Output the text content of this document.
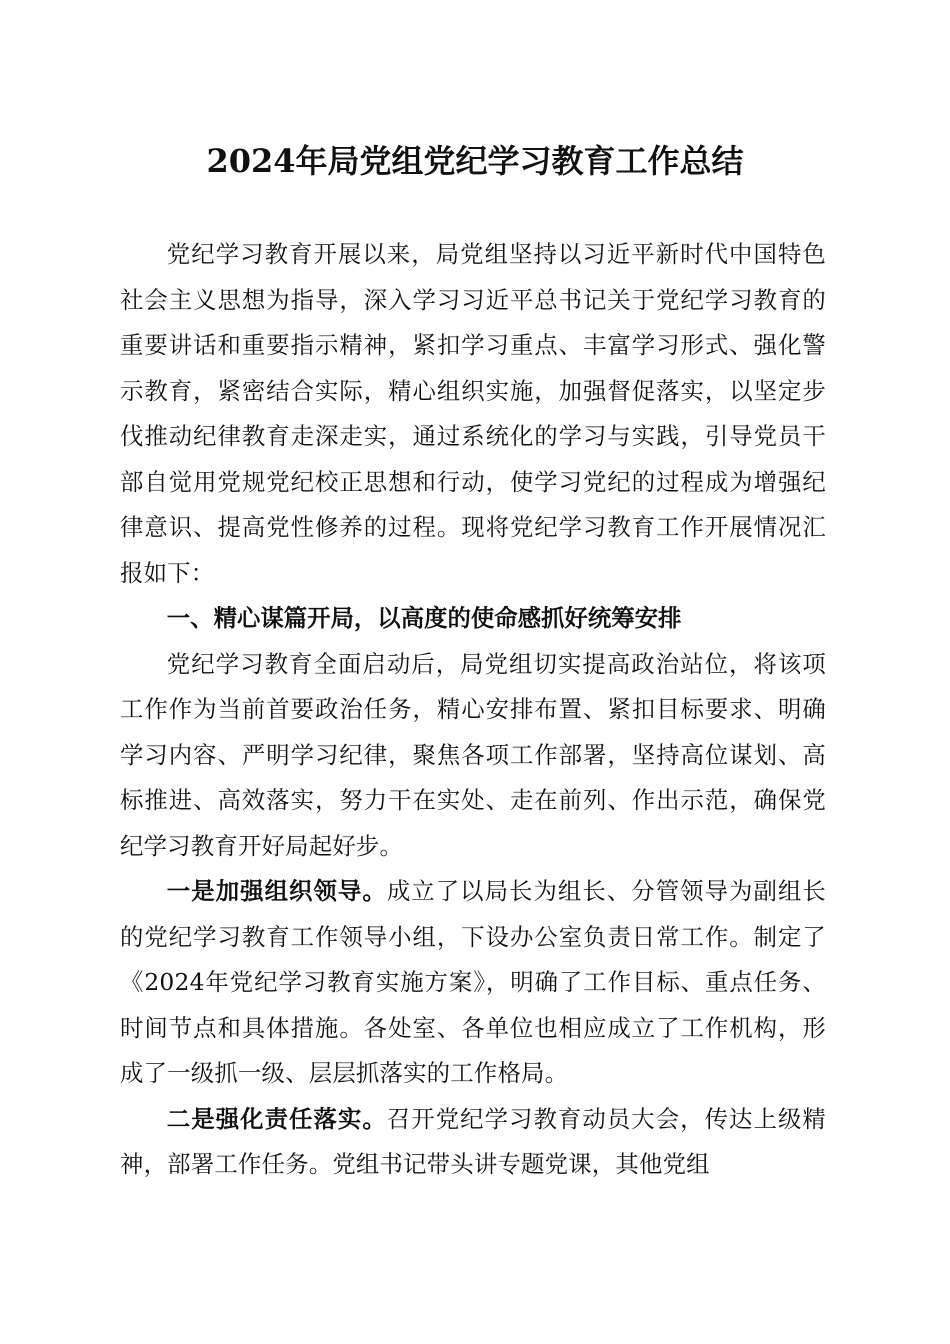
2024年局党组党纪学习教育工作总结

党纪学习教育开展以来，局党组坚持以习近平新时代中国特色社会主义思想为指导，深入学习习近平总书记关于党纪学习教育的重要讲话和重要指示精神，紧扣学习重点、丰富学习形式、强化警示教育，紧密结合实际，精心组织实施，加强督促落实，以坚定步伐推动纪律教育走深走实，通过系统化的学习与实践，引导党员干部自觉用党规党纪校正思想和行动，使学习党纪的过程成为增强纪律意识、提高党性修养的过程。现将党纪学习教育工作开展情况汇报如下：

一、精心谋篇开局，以高度的使命感抓好统筹安排

党纪学习教育全面启动后，局党组切实提高政治站位，将该项工作作为当前首要政治任务，精心安排布置、紧扣目标要求、明确学习内容、严明学习纪律，聚焦各项工作部署，坚持高位谋划、高标推进、高效落实，努力干在实处、走在前列、作出示范，确保党纪学习教育开好局起好步。

一是加强组织领导。成立了以局长为组长、分管领导为副组长的党纪学习教育工作领导小组，下设办公室负责日常工作。制定了《2024年党纪学习教育实施方案》，明确了工作目标、重点任务、时间节点和具体措施。各处室、各单位也相应成立了工作机构，形成了一级抓一级、层层抓落实的工作格局。

二是强化责任落实。召开党纪学习教育动员大会，传达上级精神，部署工作任务。党组书记带头讲专题党课，其他党组
